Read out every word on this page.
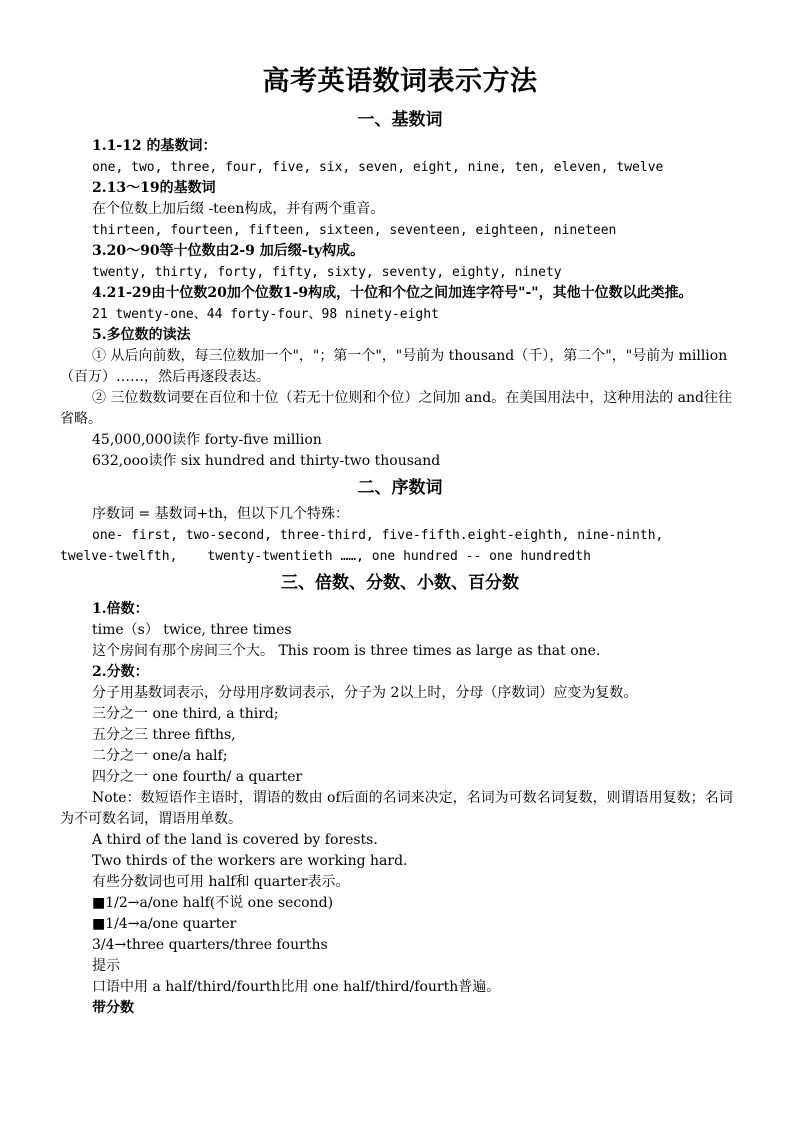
高考英语数词表示方法
一、基数词
1.1-12 的基数词：
one, two, three, four, five, six, seven, eight, nine, ten, eleven, twelve
2.13～19的基数词
在个位数上加后缀 -teen构成，并有两个重音。
thirteen, fourteen, fifteen, sixteen, seventeen, eighteen, nineteen
3.20～90等十位数由2-9 加后缀-ty构成。
twenty, thirty, forty, fifty, sixty, seventy, eighty, ninety
4.21-29由十位数20加个位数1-9构成，十位和个位之间加连字符号"-"，其他十位数以此类推。
21 twenty-one、44 forty-four、98 ninety-eight
5.多位数的读法
① 从后向前数，每三位数加一个"，"；第一个"，"号前为 thousand（千），第二个"，"号前为 million（百万）……，然后再逐段表达。
② 三位数数词要在百位和十位（若无十位则和个位）之间加 and。在美国用法中，这种用法的 and往往省略。
45,000,000读作 forty-five million
632,ooo读作 six hundred and thirty-two thousand
二、序数词
序数词 = 基数词+th，但以下几个特殊：
one- first, two-second, three-third, five-fifth.eight-eighth, nine-ninth,
twelve-twelfth, twenty-twentieth ……, one hundred -- one hundredth
三、倍数、分数、小数、百分数
1.倍数：
time（s） twice, three times
这个房间有那个房间三个大。 This room is three times as large as that one.
2.分数：
分子用基数词表示，分母用序数词表示，分子为 2以上时，分母（序数词）应变为复数。
三分之一 one third, a third;
五分之三 three fifths,
二分之一 one/a half;
四分之一 one fourth/ a quarter
Note：数短语作主语时，谓语的数由 of后面的名词来决定，名词为可数名词复数，则谓语用复数；名词为不可数名词，谓语用单数。
A third of the land is covered by forests.
Two thirds of the workers are working hard.
有些分数词也可用 half和 quarter表示。
■1/2→a/one half(不说 one second)
■1/4→a/one quarter
3/4→three quarters/three fourths
提示
口语中用 a half/third/fourth比用 one half/third/fourth普遍。
带分数
